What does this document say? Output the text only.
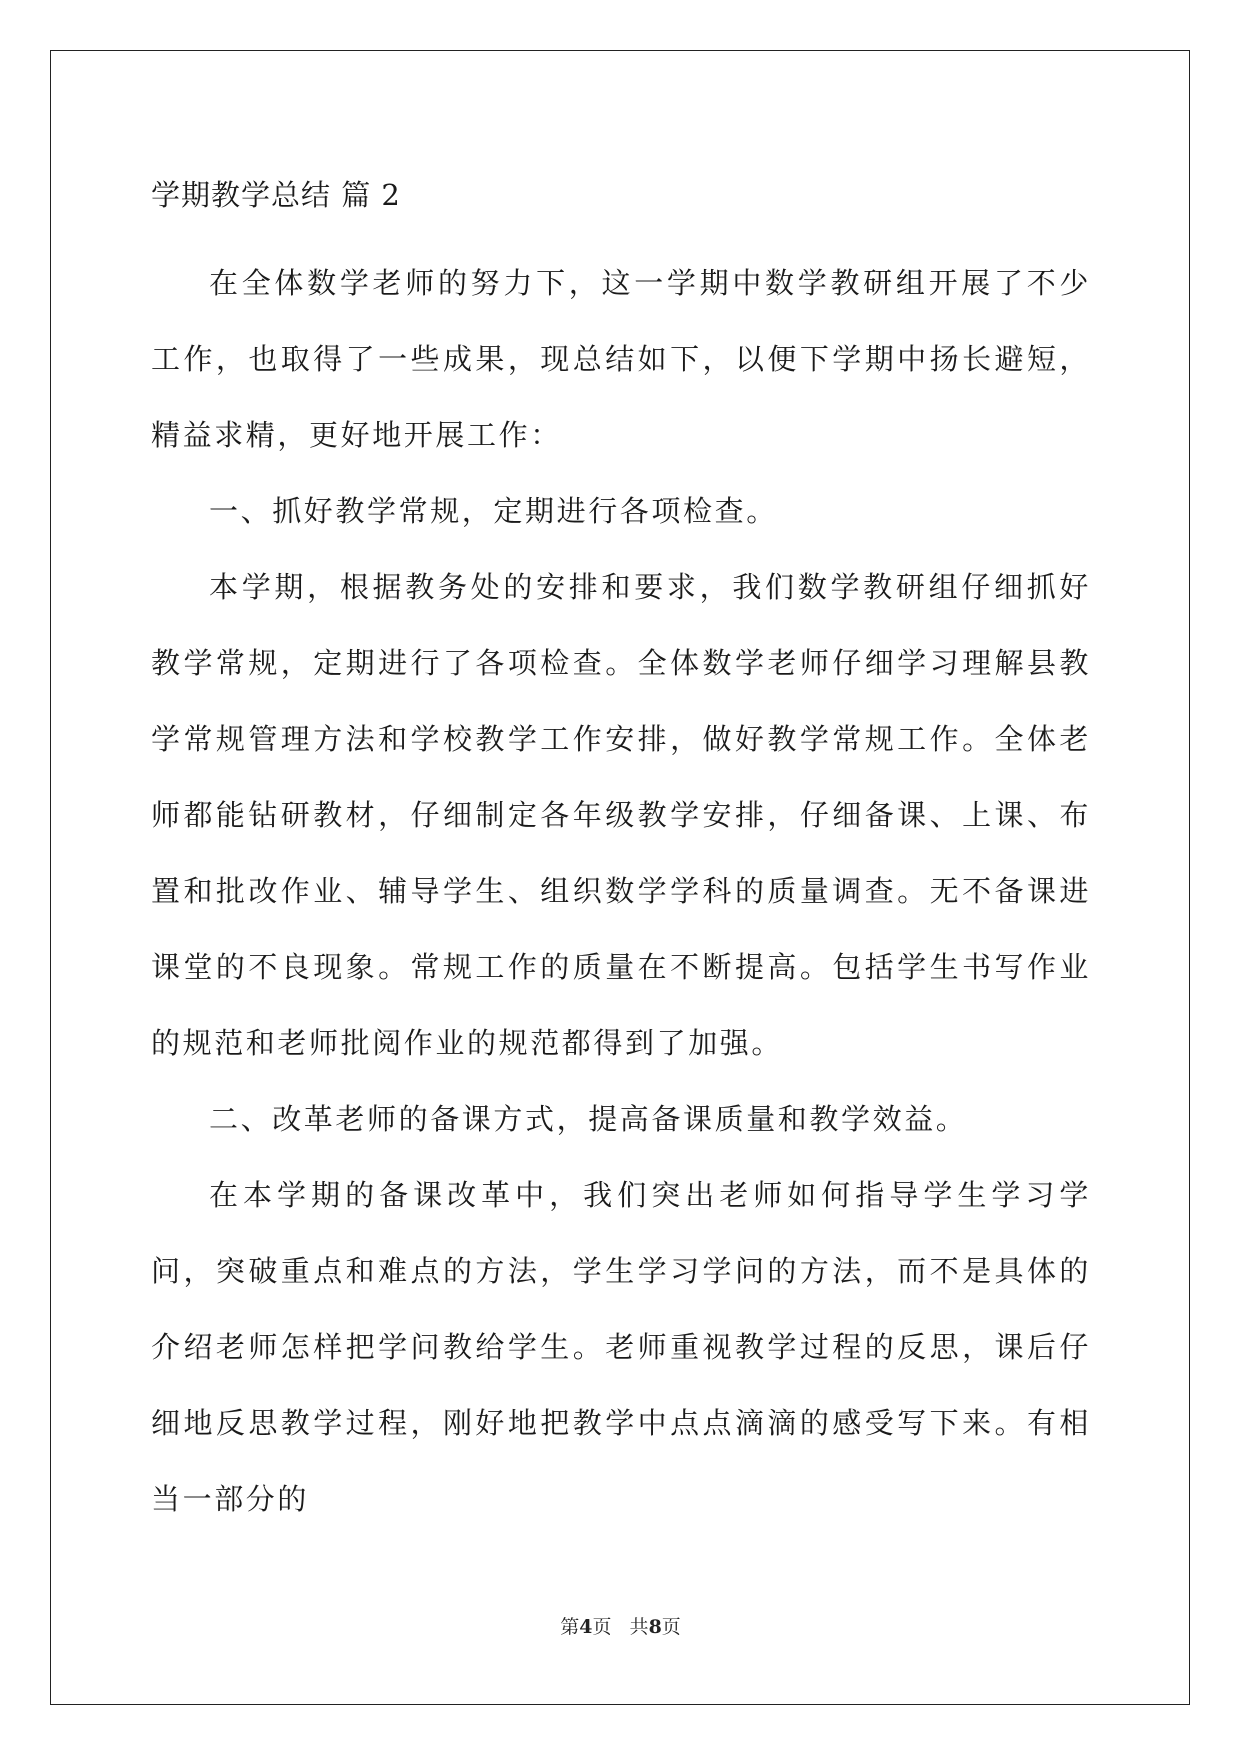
学期教学总结 篇 2

在全体数学老师的努力下，这一学期中数学教研组开展了不少工作，也取得了一些成果，现总结如下，以便下学期中扬长避短，精益求精，更好地开展工作：

一、抓好教学常规，定期进行各项检查。

本学期，根据教务处的安排和要求，我们数学教研组仔细抓好教学常规，定期进行了各项检查。全体数学老师仔细学习理解县教学常规管理方法和学校教学工作安排，做好教学常规工作。全体老师都能钻研教材，仔细制定各年级教学安排，仔细备课、上课、布置和批改作业、辅导学生、组织数学学科的质量调查。无不备课进课堂的不良现象。常规工作的质量在不断提高。包括学生书写作业的规范和老师批阅作业的规范都得到了加强。

二、改革老师的备课方式，提高备课质量和教学效益。

在本学期的备课改革中，我们突出老师如何指导学生学习学问，突破重点和难点的方法，学生学习学问的方法，而不是具体的介绍老师怎样把学问教给学生。老师重视教学过程的反思，课后仔细地反思教学过程，刚好地把教学中点点滴滴的感受写下来。有相当一部分的

第4页   共8页
